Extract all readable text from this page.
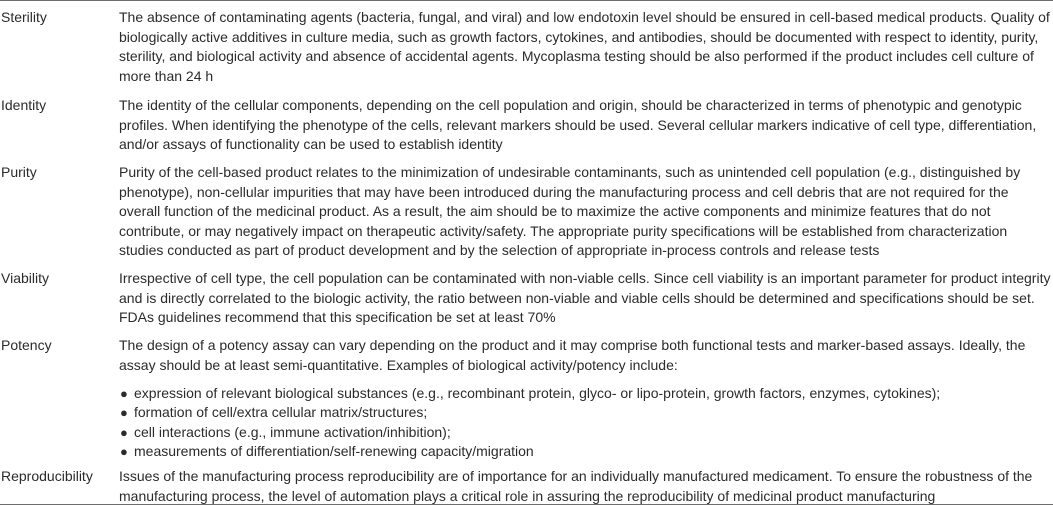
Sterility	The absence of contaminating agents (bacteria, fungal, and viral) and low endotoxin level should be ensured in cell-based medical products. Quality of biologically active additives in culture media, such as growth factors, cytokines, and antibodies, should be documented with respect to identity, purity, sterility, and biological activity and absence of accidental agents. Mycoplasma testing should be also performed if the product includes cell culture of more than 24 h

Identity	The identity of the cellular components, depending on the cell population and origin, should be characterized in terms of phenotypic and genotypic profiles. When identifying the phenotype of the cells, relevant markers should be used. Several cellular markers indicative of cell type, differentiation, and/or assays of functionality can be used to establish identity

Purity	Purity of the cell-based product relates to the minimization of undesirable contaminants, such as unintended cell population (e.g., distinguished by phenotype), non-cellular impurities that may have been introduced during the manufacturing process and cell debris that are not required for the overall function of the medicinal product. As a result, the aim should be to maximize the active components and minimize features that do not contribute, or may negatively impact on therapeutic activity/safety. The appropriate purity specifications will be established from characterization studies conducted as part of product development and by the selection of appropriate in-process controls and release tests

Viability	Irrespective of cell type, the cell population can be contaminated with non-viable cells. Since cell viability is an important parameter for product integrity and is directly correlated to the biologic activity, the ratio between non-viable and viable cells should be determined and specifications should be set. FDAs guidelines recommend that this specification be set at least 70%

Potency	The design of a potency assay can vary depending on the product and it may comprise both functional tests and marker-based assays. Ideally, the assay should be at least semi-quantitative. Examples of biological activity/potency include:

● expression of relevant biological substances (e.g., recombinant protein, glyco- or lipo-protein, growth factors, enzymes, cytokines);
● formation of cell/extra cellular matrix/structures;
● cell interactions (e.g., immune activation/inhibition);
● measurements of differentiation/self-renewing capacity/migration
Reproducibility	Issues of the manufacturing process reproducibility are of importance for an individually manufactured medicament. To ensure the robustness of the manufacturing process, the level of automation plays a critical role in assuring the reproducibility of medicinal product manufacturing
